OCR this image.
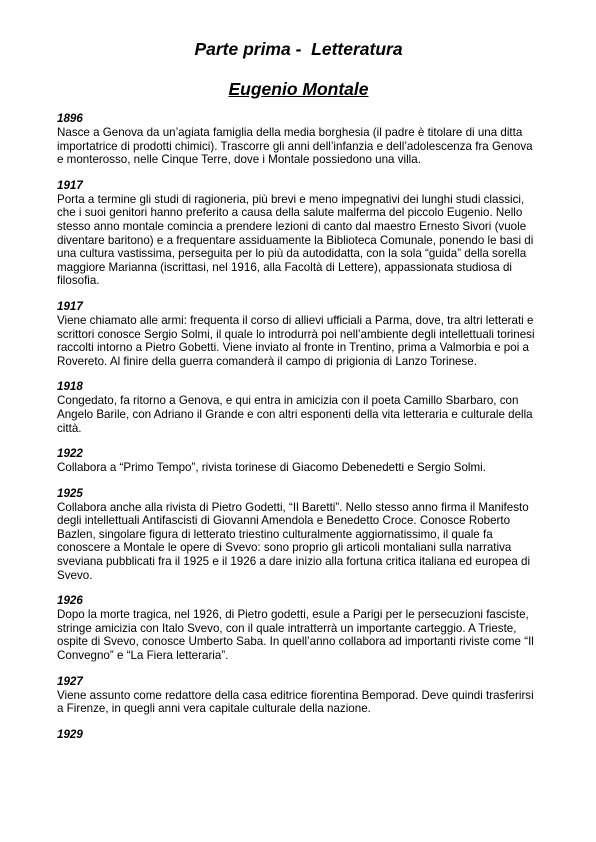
Parte prima -  Letteratura
Eugenio Montale

1896

Nasce a Genova da un’agiata famiglia della media borghesia (il padre è titolare di una ditta importatrice di prodotti chimici). Trascorre gli anni dell’infanzia e dell’adolescenza fra Genova e monterosso, nelle Cinque Terre, dove i Montale possiedono una villa.

1917

Porta a termine gli studi di ragioneria, più brevi e meno impegnativi dei lunghi studi classici, che i suoi genitori hanno preferito a causa della salute malferma del piccolo Eugenio. Nello stesso anno montale comincia a prendere lezioni di canto dal maestro Ernesto Sivori (vuole diventare baritono) e a frequentare assiduamente la Biblioteca Comunale, ponendo le basi di una cultura vastissima, perseguita per lo più da autodidatta, con la sola “guida” della sorella maggiore Marianna (iscrittasi, nel 1916, alla Facoltà di Lettere), appassionata studiosa di filosofia.

1917

Viene chiamato alle armi: frequenta il corso di allievi ufficiali a Parma, dove, tra altri letterati e scrittori conosce Sergio Solmi, il quale lo introdurrà poi nell’ambiente degli intellettuali torinesi raccolti intorno a Pietro Gobetti. Viene inviato al fronte in Trentino, prima a Valmorbia e poi a Rovereto. Al finire della guerra comanderà il campo di prigionia di Lanzo Torinese.

1918

Congedato, fa ritorno a Genova, e qui entra in amicizia con il poeta Camillo Sbarbaro, con Angelo Barile, con Adriano il Grande e con altri esponenti della vita letteraria e culturale della città.

1922

Collabora a “Primo Tempo”, rivista torinese di Giacomo Debenedetti e Sergio Solmi.

1925

Collabora anche alla rivista di Pietro Godetti, “Il Baretti”. Nello stesso anno firma il Manifesto degli intellettuali Antifascisti di Giovanni Amendola e Benedetto Croce. Conosce Roberto Bazlen, singolare figura di letterato triestino culturalmente aggiornatissimo, il quale fa conoscere a Montale le opere di Svevo: sono proprio gli articoli montaliani sulla narrativa sveviana pubblicati fra il 1925 e il 1926 a dare inizio alla fortuna critica italiana ed europea di Svevo.

1926

Dopo la morte tragica, nel 1926, di Pietro godetti, esule a Parigi per le persecuzioni fasciste, stringe amicizia con Italo Svevo, con il quale intratterrà un importante carteggio. A Trieste, ospite di Svevo, conosce Umberto Saba. In quell’anno collabora ad importanti riviste come “Il Convegno” e “La Fiera letteraria”.

1927

Viene assunto come redattore della casa editrice fiorentina Bemporad. Deve quindi trasferirsi a Firenze, in quegli anni vera capitale culturale della nazione.

1929
